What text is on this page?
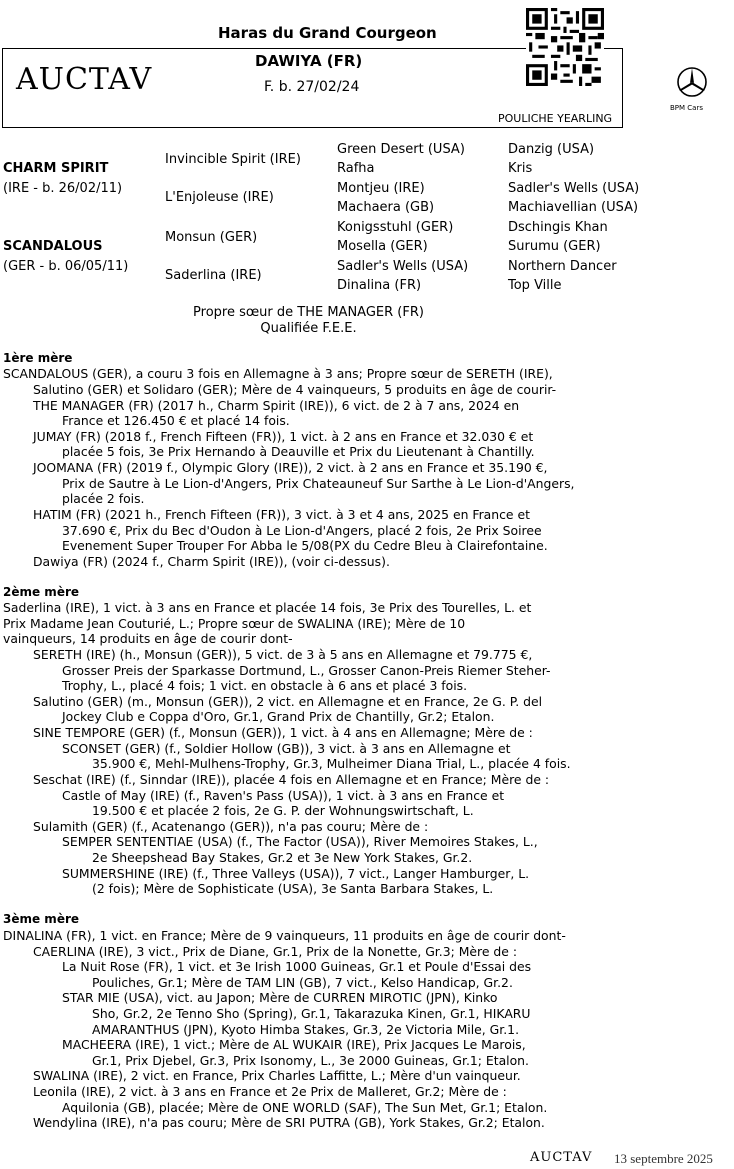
AUCTAV
Haras du Grand Courgeon
DAWIYA (FR)
F. b. 27/02/24
POULICHE YEARLING
BPM Cars
CHARM SPIRIT
(IRE - b. 26/02/11)
SCANDALOUS
(GER - b. 06/05/11)
Invincible Spirit (IRE)
L'Enjoleuse (IRE)
Monsun (GER)
Saderlina (IRE)
Green Desert (USA)
Rafha
Montjeu (IRE)
Machaera (GB)
Konigsstuhl (GER)
Mosella (GER)
Sadler's Wells (USA)
Dinalina (FR)
Danzig (USA)
Kris
Sadler's Wells (USA)
Machiavellian (USA)
Dschingis Khan
Surumu (GER)
Northern Dancer
Top Ville
Propre sœur de THE MANAGER (FR)
Qualifiée F.E.E.
1ère mère
SCANDALOUS (GER), a couru 3 fois en Allemagne à 3 ans; Propre sœur de SERETH (IRE),
Salutino (GER) et Solidaro (GER); Mère de 4 vainqueurs, 5 produits en âge de courir-
THE MANAGER (FR) (2017 h., Charm Spirit (IRE)), 6 vict. de 2 à 7 ans, 2024 en
France et 126.450 € et placé 14 fois.
JUMAY (FR) (2018 f., French Fifteen (FR)), 1 vict. à 2 ans en France et 32.030 € et
placée 5 fois, 3e Prix Hernando à Deauville et Prix du Lieutenant à Chantilly.
JOOMANA (FR) (2019 f., Olympic Glory (IRE)), 2 vict. à 2 ans en France et 35.190 €,
Prix de Sautre à Le Lion-d'Angers, Prix Chateauneuf Sur Sarthe à Le Lion-d'Angers,
placée 2 fois.
HATIM (FR) (2021 h., French Fifteen (FR)), 3 vict. à 3 et 4 ans, 2025 en France et
37.690 €, Prix du Bec d'Oudon à Le Lion-d'Angers, placé 2 fois, 2e Prix Soiree
Evenement Super Trouper For Abba le 5/08(PX du Cedre Bleu à Clairefontaine.
Dawiya (FR) (2024 f., Charm Spirit (IRE)), (voir ci-dessus).
2ème mère
Saderlina (IRE), 1 vict. à 3 ans en France et placée 14 fois, 3e Prix des Tourelles, L. et
Prix Madame Jean Couturié, L.; Propre sœur de SWALINA (IRE); Mère de 10
vainqueurs, 14 produits en âge de courir dont-
SERETH (IRE) (h., Monsun (GER)), 5 vict. de 3 à 5 ans en Allemagne et 79.775 €,
Grosser Preis der Sparkasse Dortmund, L., Grosser Canon-Preis Riemer Steher-
Trophy, L., placé 4 fois; 1 vict. en obstacle à 6 ans et placé 3 fois.
Salutino (GER) (m., Monsun (GER)), 2 vict. en Allemagne et en France, 2e G. P. del
Jockey Club e Coppa d'Oro, Gr.1, Grand Prix de Chantilly, Gr.2; Etalon.
SINE TEMPORE (GER) (f., Monsun (GER)), 1 vict. à 4 ans en Allemagne; Mère de :
SCONSET (GER) (f., Soldier Hollow (GB)), 3 vict. à 3 ans en Allemagne et
35.900 €, Mehl-Mulhens-Trophy, Gr.3, Mulheimer Diana Trial, L., placée 4 fois.
Seschat (IRE) (f., Sinndar (IRE)), placée 4 fois en Allemagne et en France; Mère de :
Castle of May (IRE) (f., Raven's Pass (USA)), 1 vict. à 3 ans en France et
19.500 € et placée 2 fois, 2e G. P. der Wohnungswirtschaft, L.
Sulamith (GER) (f., Acatenango (GER)), n'a pas couru; Mère de :
SEMPER SENTENTIAE (USA) (f., The Factor (USA)), River Memoires Stakes, L.,
2e Sheepshead Bay Stakes, Gr.2 et 3e New York Stakes, Gr.2.
SUMMERSHINE (IRE) (f., Three Valleys (USA)), 7 vict., Langer Hamburger, L.
(2 fois); Mère de Sophisticate (USA), 3e Santa Barbara Stakes, L.
3ème mère
DINALINA (FR), 1 vict. en France; Mère de 9 vainqueurs, 11 produits en âge de courir dont-
CAERLINA (IRE), 3 vict., Prix de Diane, Gr.1, Prix de la Nonette, Gr.3; Mère de :
La Nuit Rose (FR), 1 vict. et 3e Irish 1000 Guineas, Gr.1 et Poule d'Essai des
Pouliches, Gr.1; Mère de TAM LIN (GB), 7 vict., Kelso Handicap, Gr.2.
STAR MIE (USA), vict. au Japon; Mère de CURREN MIROTIC (JPN), Kinko
Sho, Gr.2, 2e Tenno Sho (Spring), Gr.1, Takarazuka Kinen, Gr.1, HIKARU
AMARANTHUS (JPN), Kyoto Himba Stakes, Gr.3, 2e Victoria Mile, Gr.1.
MACHEERA (IRE), 1 vict.; Mère de AL WUKAIR (IRE), Prix Jacques Le Marois,
Gr.1, Prix Djebel, Gr.3, Prix Isonomy, L., 3e 2000 Guineas, Gr.1; Etalon.
SWALINA (IRE), 2 vict. en France, Prix Charles Laffitte, L.; Mère d'un vainqueur.
Leonila (IRE), 2 vict. à 3 ans en France et 2e Prix de Malleret, Gr.2; Mère de :
Aquilonia (GB), placée; Mère de ONE WORLD (SAF), The Sun Met, Gr.1; Etalon.
Wendylina (IRE), n'a pas couru; Mère de SRI PUTRA (GB), York Stakes, Gr.2; Etalon.
AUCTAV 13 septembre 2025
